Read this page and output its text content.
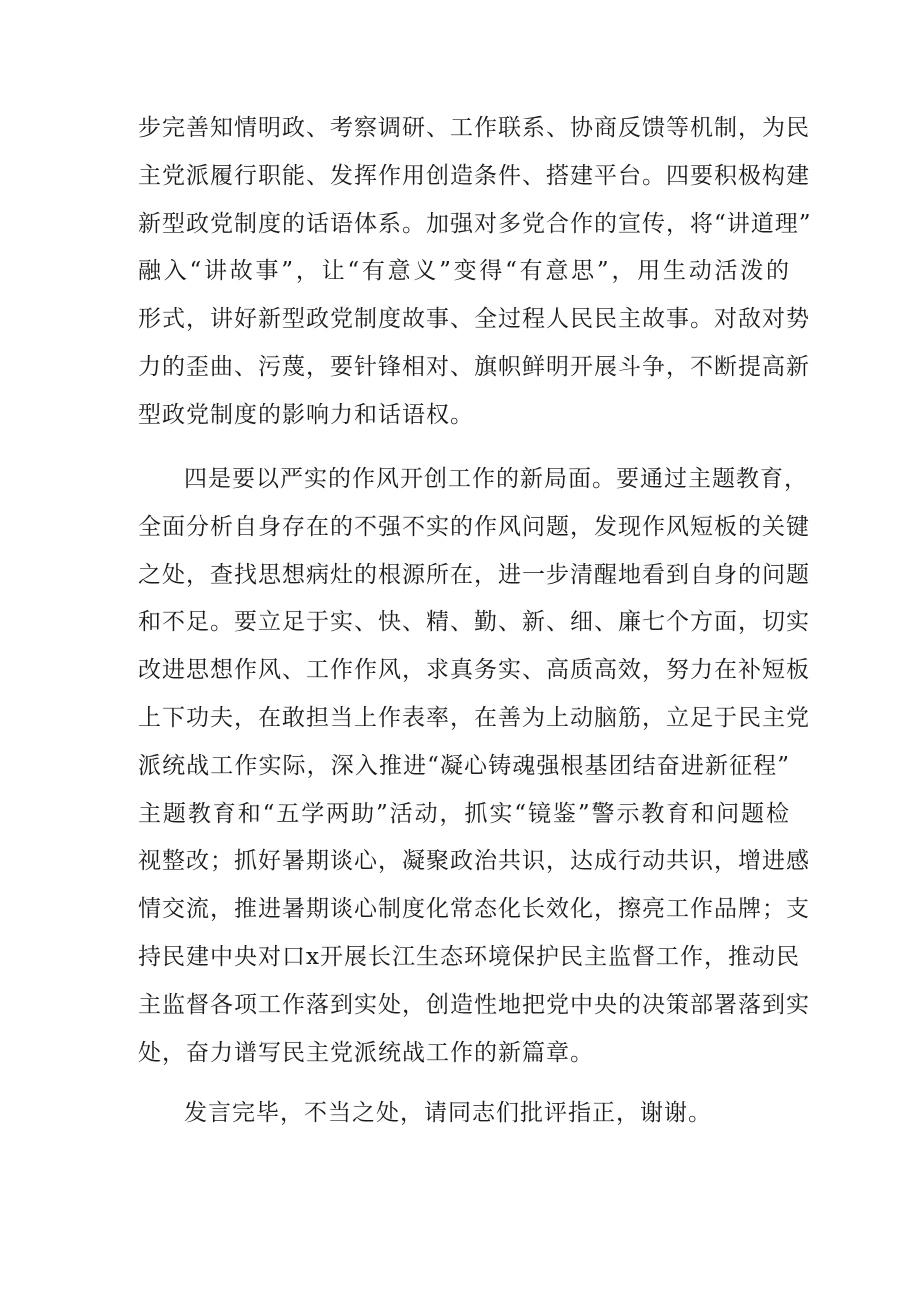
步完善知情明政、考察调研、工作联系、协商反馈等机制，为民
主党派履行职能、发挥作用创造条件、搭建平台。四要积极构建
新型政党制度的话语体系。加强对多党合作的宣传，将“讲道理”
融入“讲故事”，让“有意义”变得“有意思”，用生动活泼的
形式，讲好新型政党制度故事、全过程人民民主故事。对敌对势
力的歪曲、污蔑，要针锋相对、旗帜鲜明开展斗争，不断提高新
型政党制度的影响力和话语权。

四是要以严实的作风开创工作的新局面。要通过主题教育，
全面分析自身存在的不强不实的作风问题，发现作风短板的关键
之处，查找思想病灶的根源所在，进一步清醒地看到自身的问题
和不足。要立足于实、快、精、勤、新、细、廉七个方面，切实
改进思想作风、工作作风，求真务实、高质高效，努力在补短板
上下功夫，在敢担当上作表率，在善为上动脑筋，立足于民主党
派统战工作实际，深入推进“凝心铸魂强根基团结奋进新征程”
主题教育和“五学两助”活动，抓实“镜鉴”警示教育和问题检
视整改；抓好暑期谈心，凝聚政治共识，达成行动共识，增进感
情交流，推进暑期谈心制度化常态化长效化，擦亮工作品牌；支
持民建中央对口x开展长江生态环境保护民主监督工作，推动民
主监督各项工作落到实处，创造性地把党中央的决策部署落到实
处，奋力谱写民主党派统战工作的新篇章。

发言完毕，不当之处，请同志们批评指正，谢谢。
